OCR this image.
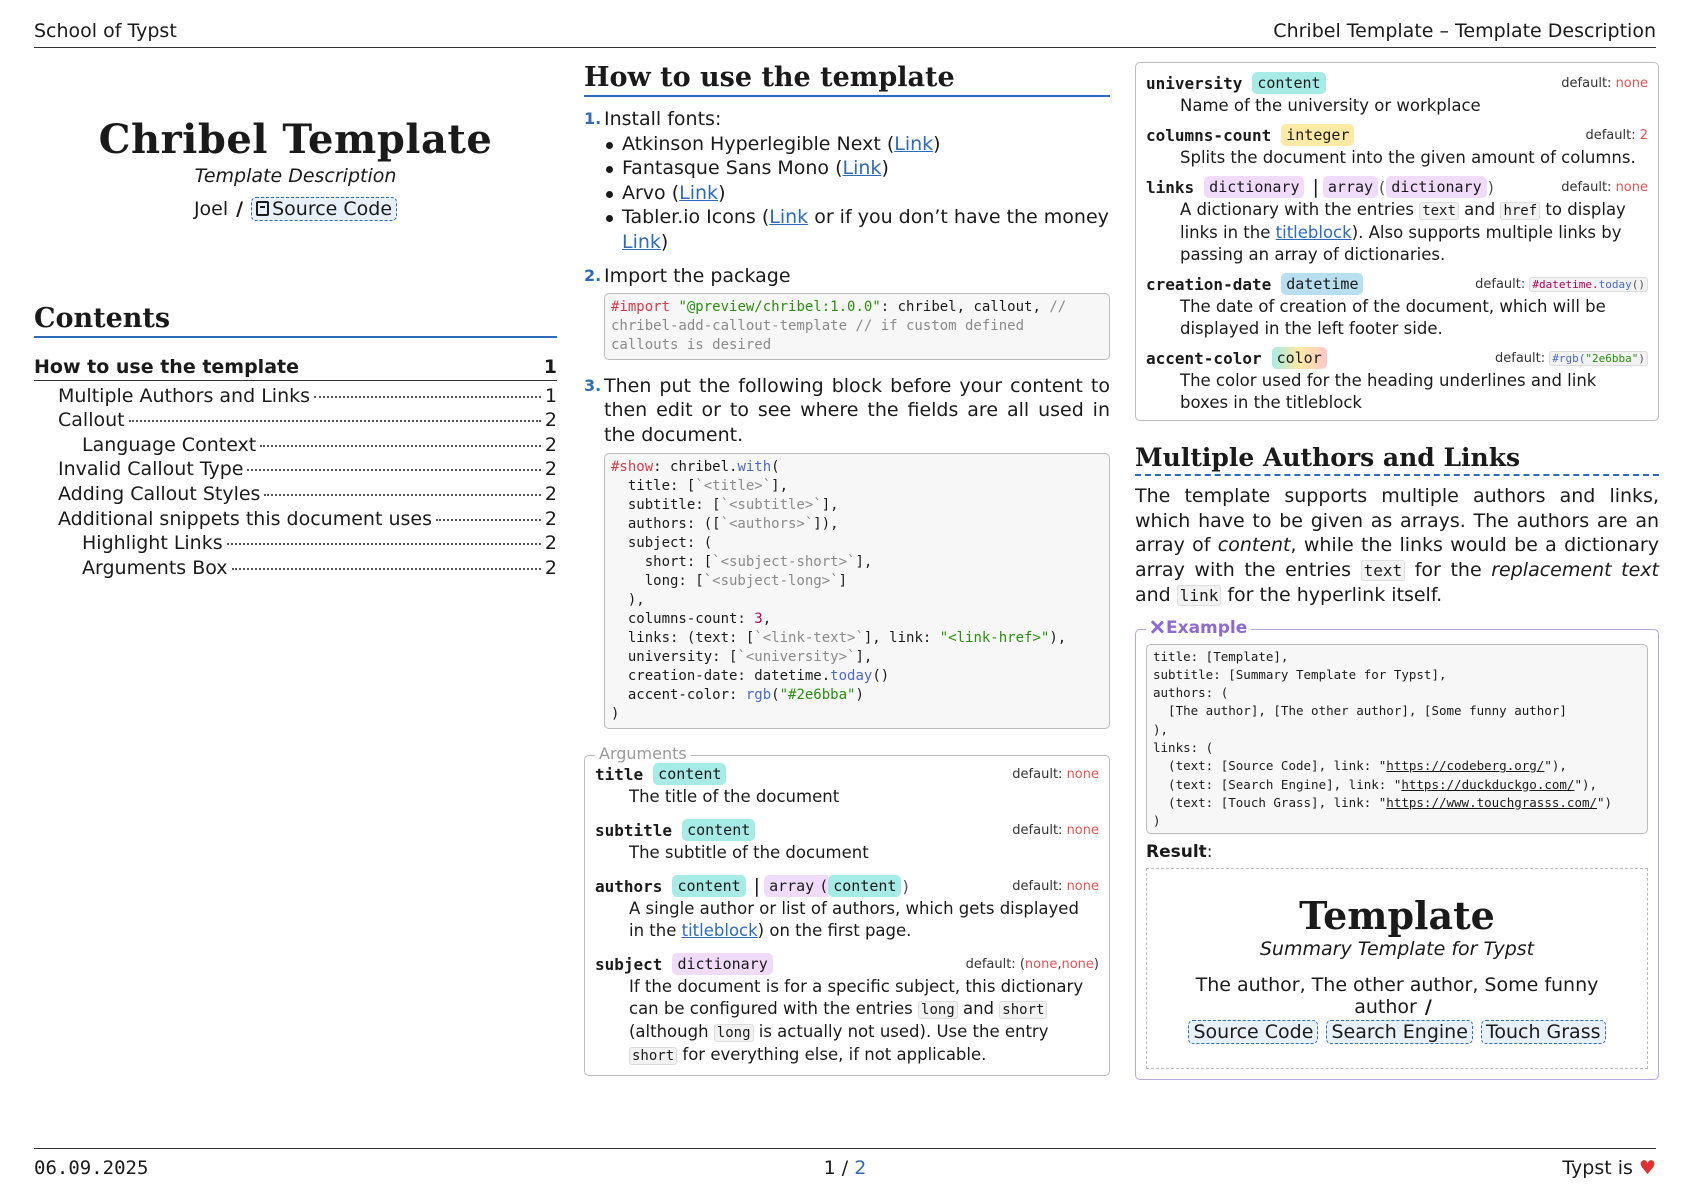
School of Typst	Chribel Template – Template Description
Chribel Template
Template Description
Joel / Source Code
Contents
How to use the template	1
Multiple Authors and Links	1
Callout	2
Language Context	2
Invalid Callout Type	2
Adding Callout Styles	2
Additional snippets this document uses	2
Highlight Links	2
Arguments Box	2
How to use the template
1. Install fonts:
Atkinson Hyperlegible Next (Link)
Fantasque Sans Mono (Link)
Arvo (Link)
Tabler.io Icons (Link or if you don’t have the money Link)
2. Import the package
#import "@preview/chribel:1.0.0": chribel, callout, //
chribel-add-callout-template // if custom defined
callouts is desired
3. Then put the following block before your content to then edit or to see where the fields are all used in the document.
#show: chribel.with(
title: [`<title>`],
subtitle: [`<subtitle>`],
authors: ([`<authors>`]),
subject: (
short: [`<subject-short>`],
long: [`<subject-long>`]
),
columns-count: 3,
links: (text: [`<link-text>`], link: "<link-href>"),
university: [`<university>`],
creation-date: datetime.today()
accent-color: rgb("#2e6bba")
)
Arguments
title	content	default: none
The title of the document
subtitle	content	default: none
The subtitle of the document
authors	content | array ( content )	default: none
A single author or list of authors, which gets displayed in the titleblock) on the first page.
subject	dictionary	default: (none,none)
If the document is for a specific subject, this dictionary can be configured with the entries long and short (although long is actually not used). Use the entry short for everything else, if not applicable.
university	content	default: none
Name of the university or workplace
columns-count	integer	default: 2
Splits the document into the given amount of columns.
links	dictionary | array ( dictionary )	default: none
A dictionary with the entries text and href to display links in the titleblock). Also supports multiple links by passing an array of dictionaries.
creation-date	datetime	default: #datetime.today()
The date of creation of the document, which will be displayed in the left footer side.
accent-color	color	default: #rgb("2e6bba")
The color used for the heading underlines and link boxes in the titleblock
Multiple Authors and Links
The template supports multiple authors and links, which have to be given as arrays. The authors are an array of content, while the links would be a dictionary array with the entries text for the replacement text and link for the hyperlink itself.
Example
title: [Template],
subtitle: [Summary Template for Typst],
authors: (
[The author], [The other author], [Some funny author]
),
links: (
(text: [Source Code], link: "https://codeberg.org/"),
(text: [Search Engine], link: "https://duckduckgo.com/"),
(text: [Touch Grass], link: "https://www.touchgrasss.com/")
)
Result:
Template
Summary Template for Typst
The author, The other author, Some funny author /
Source Code Search Engine Touch Grass
06.09.2025	1 / 2	Typst is ♥
